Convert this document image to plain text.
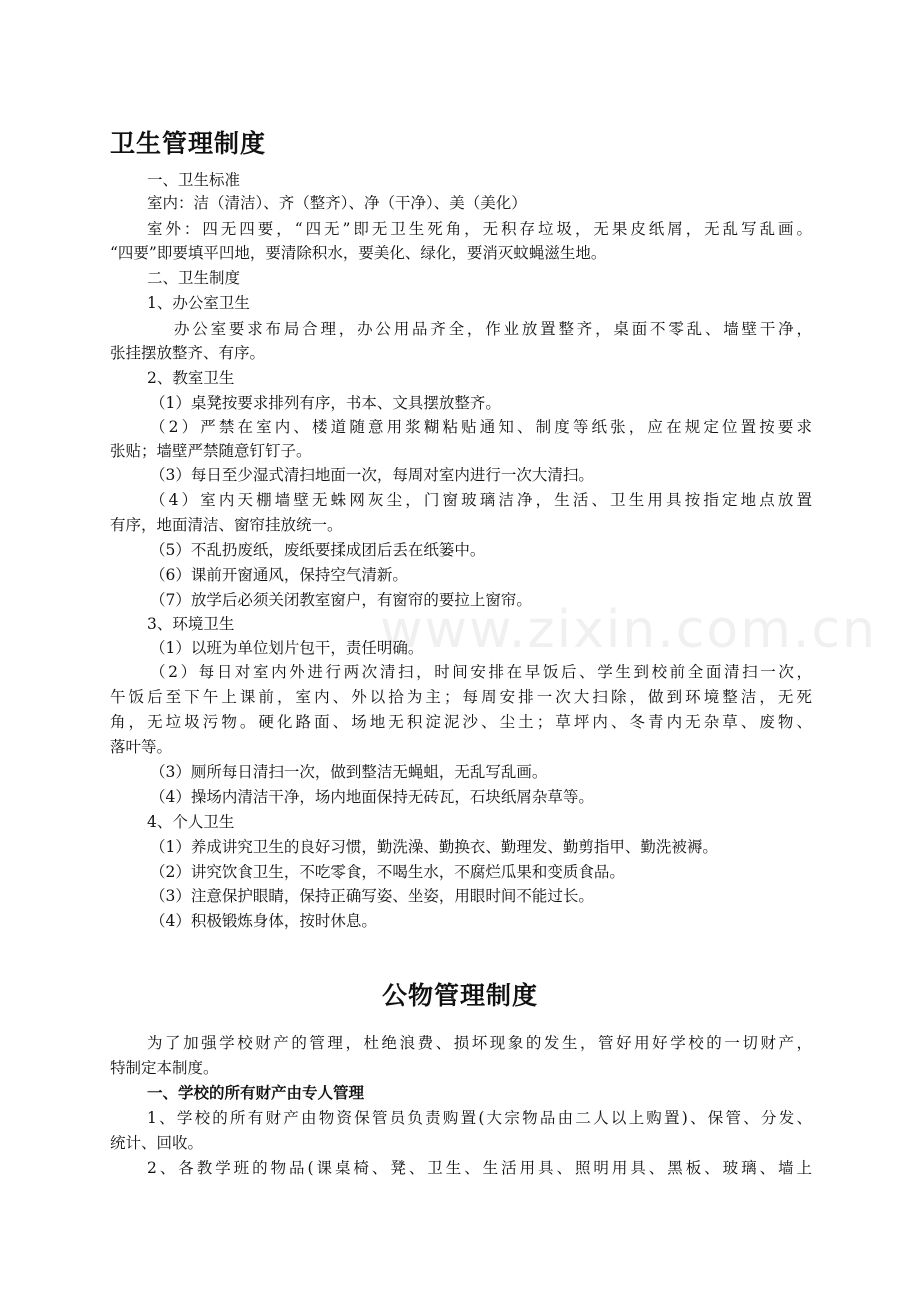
www.zixin.com.cn
卫生管理制度
一、卫生标准
室内：洁（清洁）、齐（整齐）、净（干净）、美（美化）
室外：四无四要，“四无”即无卫生死角，无积存垃圾，无果皮纸屑，无乱写乱画。
“四要”即要填平凹地，要清除积水，要美化、绿化，要消灭蚊蝇滋生地。
二、卫生制度
1、办公室卫生
办公室要求布局合理，办公用品齐全，作业放置整齐，桌面不零乱、墙壁干净，
张挂摆放整齐、有序。
2、教室卫生
（1）桌凳按要求排列有序，书本、文具摆放整齐。
（2）严禁在室内、楼道随意用浆糊粘贴通知、制度等纸张，应在规定位置按要求
张贴；墙壁严禁随意钉钉子。
（3）每日至少湿式清扫地面一次，每周对室内进行一次大清扫。
（4）室内天棚墙壁无蛛网灰尘，门窗玻璃洁净，生活、卫生用具按指定地点放置
有序，地面清洁、窗帘挂放统一。
（5）不乱扔废纸，废纸要揉成团后丢在纸篓中。
（6）课前开窗通风，保持空气清新。
（7）放学后必须关闭教室窗户，有窗帘的要拉上窗帘。
3、环境卫生
（1）以班为单位划片包干，责任明确。
（2）每日对室内外进行两次清扫，时间安排在早饭后、学生到校前全面清扫一次，
午饭后至下午上课前，室内、外以拾为主；每周安排一次大扫除，做到环境整洁，无死
角，无垃圾污物。硬化路面、场地无积淀泥沙、尘土；草坪内、冬青内无杂草、废物、
落叶等。
（3）厕所每日清扫一次，做到整洁无蝇蛆，无乱写乱画。
（4）操场内清洁干净，场内地面保持无砖瓦，石块纸屑杂草等。
4、个人卫生
（1）养成讲究卫生的良好习惯，勤洗澡、勤换衣、勤理发、勤剪指甲、勤洗被褥。
（2）讲究饮食卫生，不吃零食，不喝生水，不腐烂瓜果和变质食品。
（3）注意保护眼睛，保持正确写姿、坐姿，用眼时间不能过长。
（4）积极锻炼身体，按时休息。
公物管理制度
为了加强学校财产的管理，杜绝浪费、损坏现象的发生，管好用好学校的一切财产，
特制定本制度。
一、学校的所有财产由专人管理
1、学校的所有财产由物资保管员负责购置(大宗物品由二人以上购置)、保管、分发、
统计、回收。
2、各教学班的物品(课桌椅、凳、卫生、生活用具、照明用具、黑板、玻璃、墙上
